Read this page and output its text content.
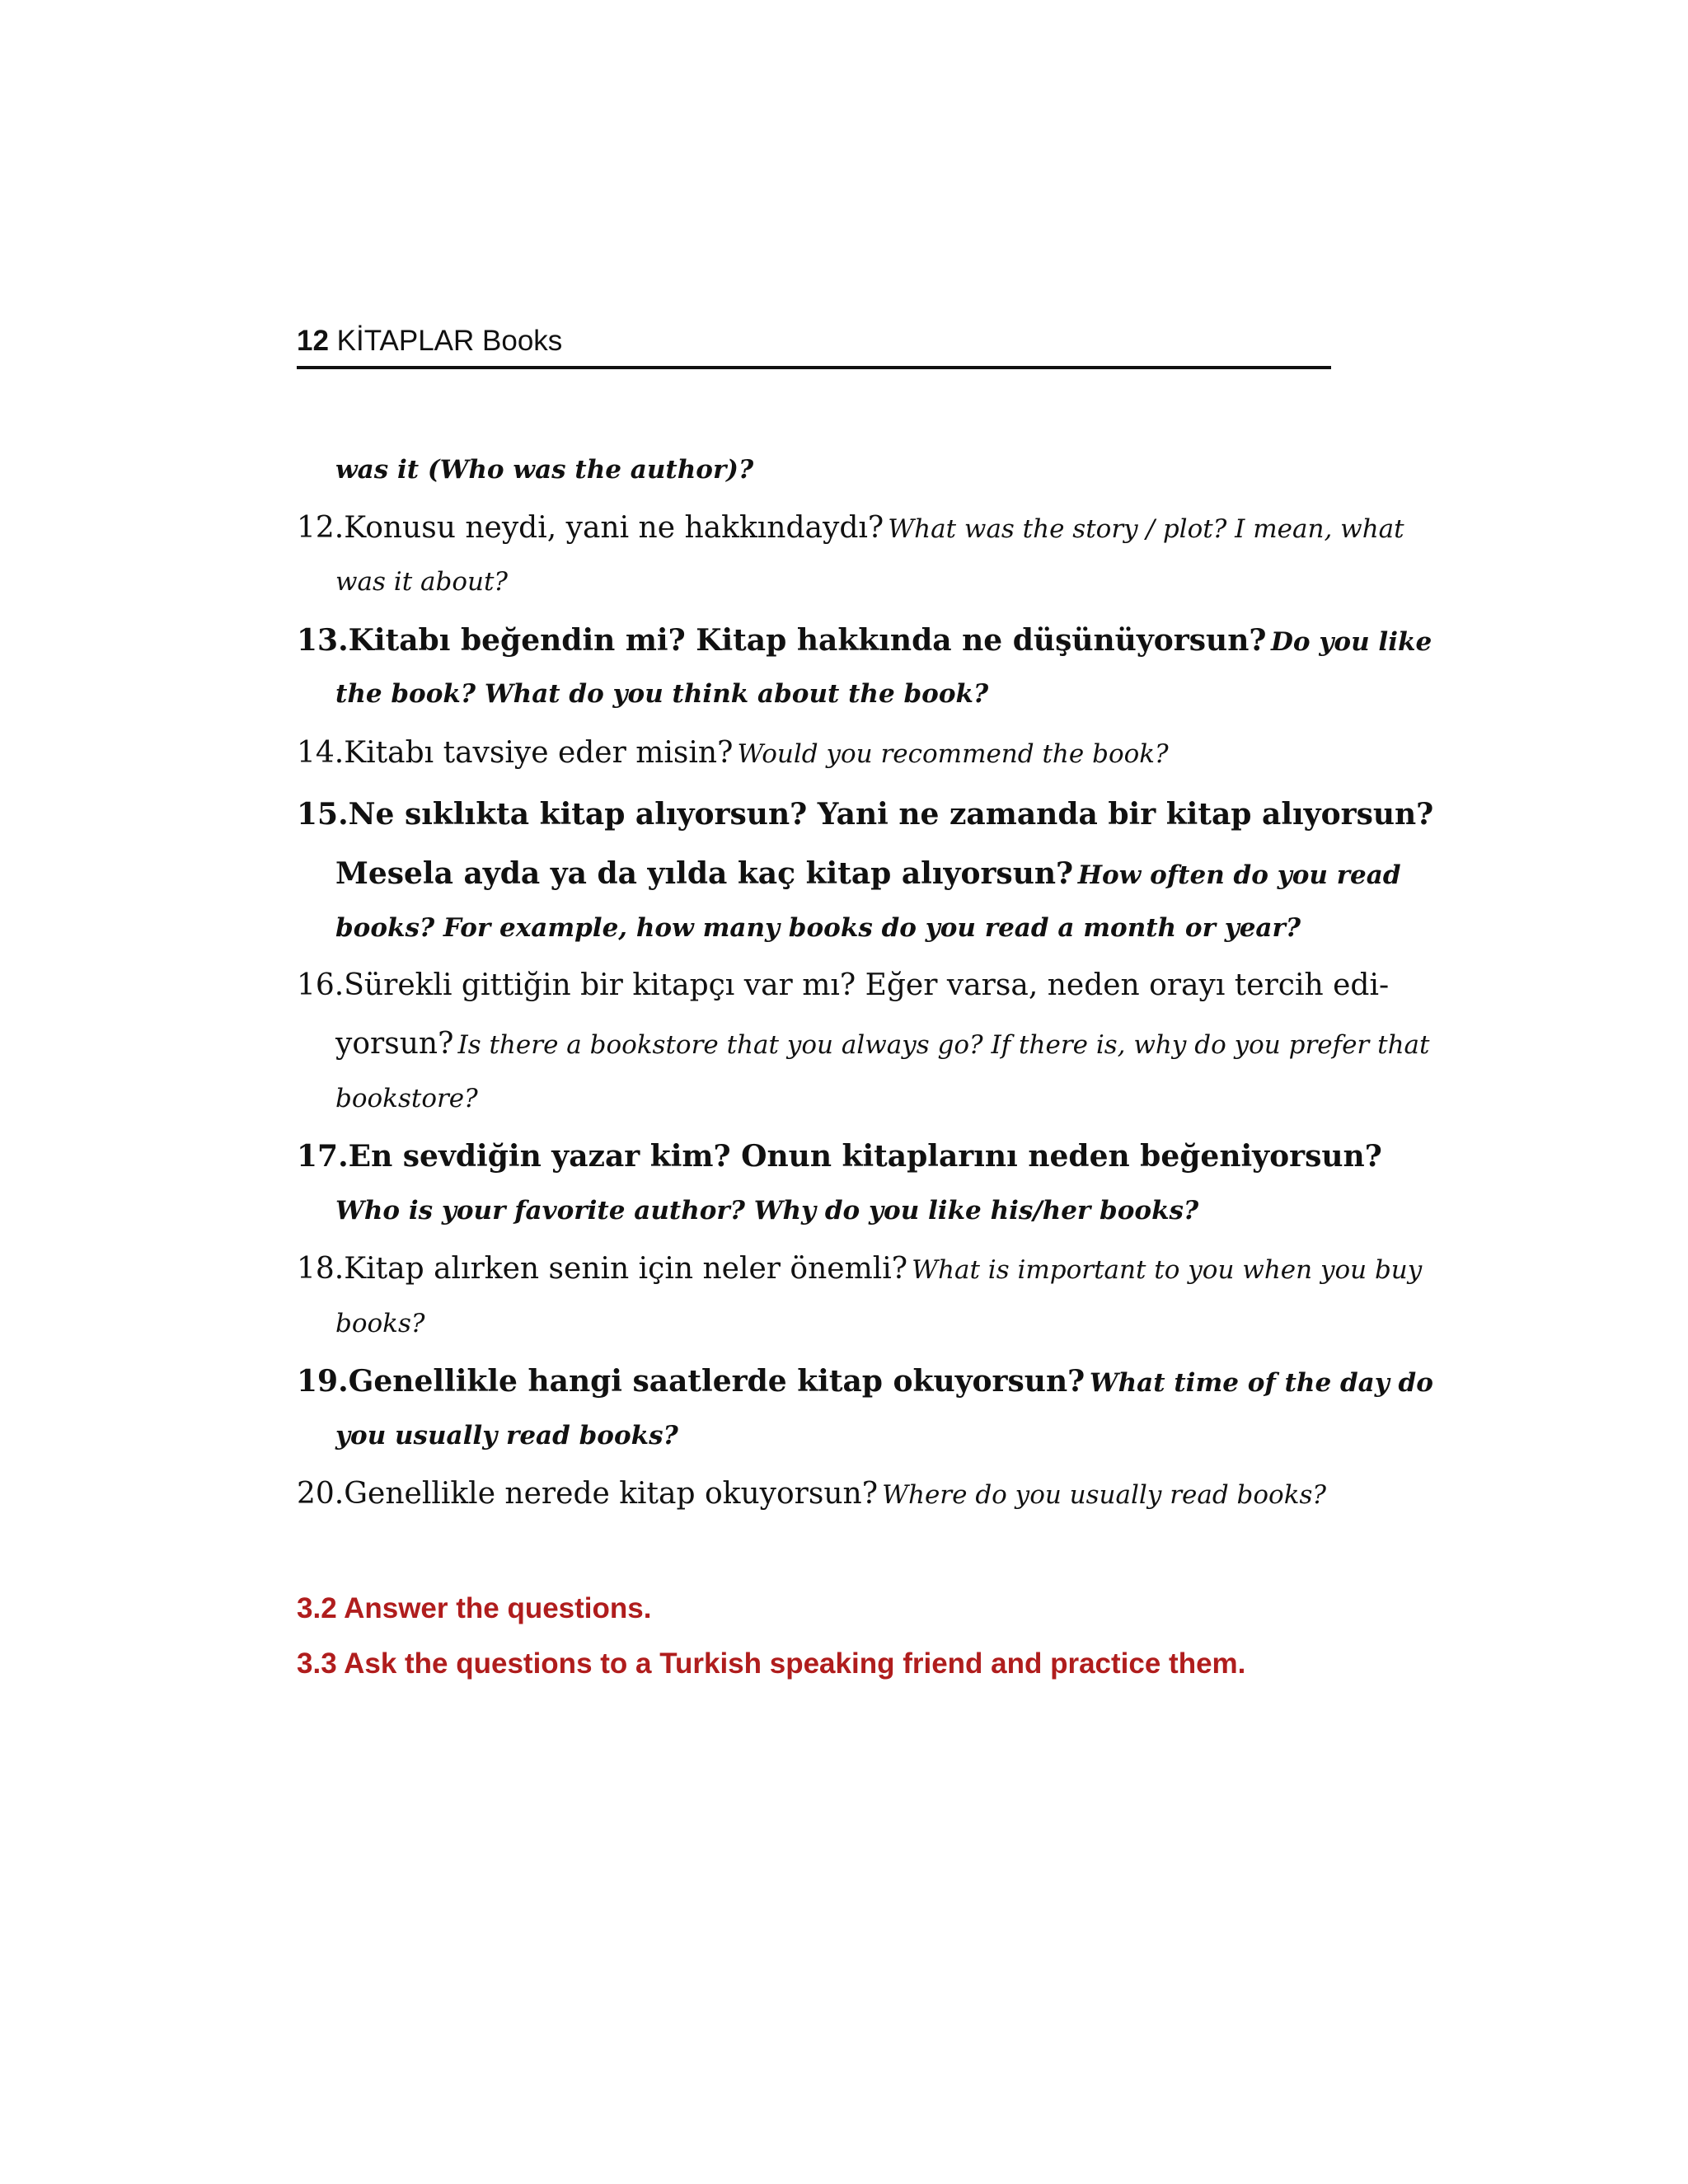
12 KİTAPLAR Books
was it (Who was the author)?
12.Konusu neydi, yani ne hakkındaydı? What was the story / plot? I mean, what
was it about?
13.Kitabı beğendin mi? Kitap hakkında ne düşünüyorsun? Do you like
the book? What do you think about the book?
14.Kitabı tavsiye eder misin? Would you recommend the book?
15.Ne sıklıkta kitap alıyorsun? Yani ne zamanda bir kitap alıyorsun?
Mesela ayda ya da yılda kaç kitap alıyorsun? How often do you read
books? For example, how many books do you read a month or year?
16.Sürekli gittiğin bir kitapçı var mı? Eğer varsa, neden orayı tercih edi-
yorsun? Is there a bookstore that you always go? If there is, why do you prefer that
bookstore?
17.En sevdiğin yazar kim? Onun kitaplarını neden beğeniyorsun?
Who is your favorite author? Why do you like his/her books?
18.Kitap alırken senin için neler önemli? What is important to you when you buy
books?
19.Genellikle hangi saatlerde kitap okuyorsun? What time of the day do
you usually read books?
20.Genellikle nerede kitap okuyorsun? Where do you usually read books?
3.2 Answer the questions.
3.3 Ask the questions to a Turkish speaking friend and practice them.
